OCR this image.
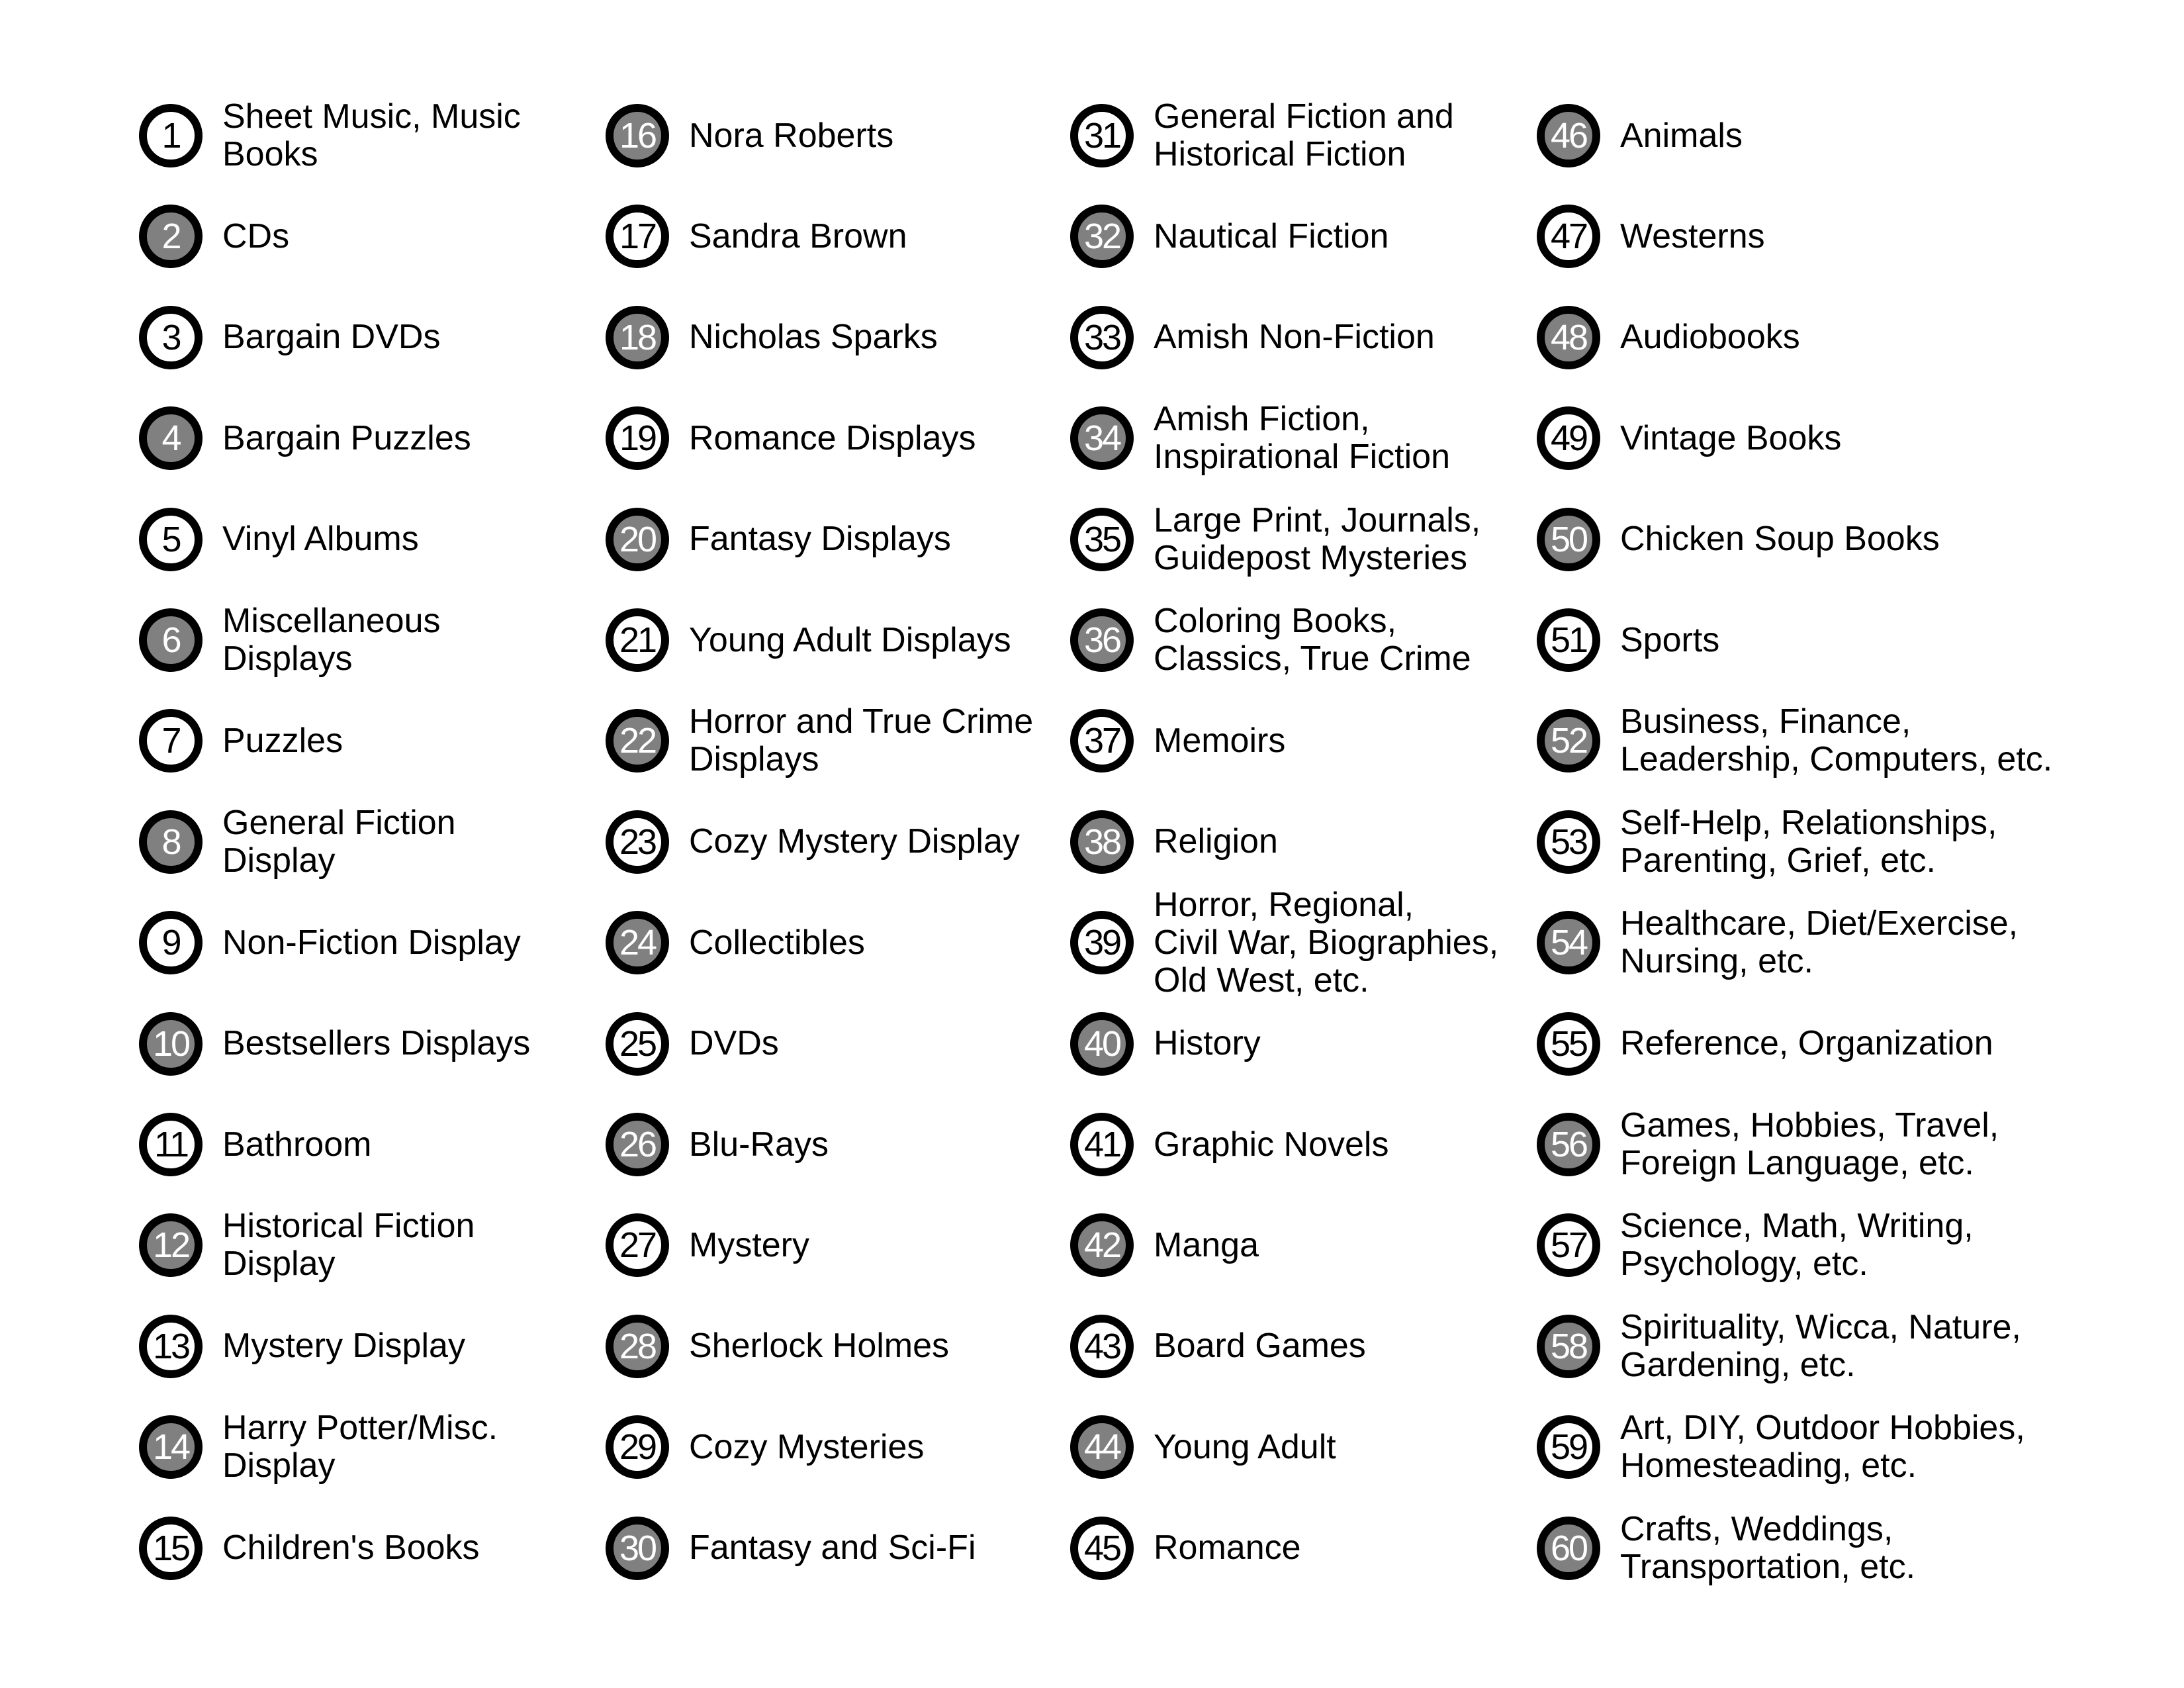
1	Sheet Music, Music
Books
2	CDs
3	Bargain DVDs
4	Bargain Puzzles
5	Vinyl Albums
6	Miscellaneous
Displays
7	Puzzles
8	General Fiction
Display
9	Non-Fiction Display
10 Bestsellers Displays
11	Bathroom
12 Historical Fiction
Display
13 Mystery Display
14 Harry Potter/Misc.
Display
15 Children's Books
16 Nora Roberts
17 Sandra Brown
18 Nicholas Sparks
19 Romance Displays
20 Fantasy Displays
21 Young Adult Displays
22 Horror and True Crime
Displays
23 Cozy Mystery Display
24 Collectibles
25 DVDs
26 Blu-Rays
27 Mystery
28 Sherlock Holmes
29 Cozy Mysteries
30 Fantasy and Sci-Fi
31 General Fiction and
Historical Fiction
32 Nautical Fiction
33 Amish Non-Fiction
34 Amish Fiction,
Inspirational Fiction
35 Large Print, Journals,
Guidepost Mysteries
36 Coloring Books,
Classics, True Crime
37 Memoirs
38 Religion
39
Horror, Regional,
Civil War, Biographies,
Old West, etc.
40 History
41 Graphic Novels
42 Manga
43 Board Games
44 Young Adult
45 Romance
46 Animals
47 Westerns
48 Audiobooks
49 Vintage Books
50 Chicken Soup Books
51 Sports
52 Business, Finance,
Leadership, Computers, etc.
53 Self-Help, Relationships,
Parenting, Grief, etc.
54 Healthcare, Diet/Exercise,
Nursing, etc.
55 Reference, Organization
56 Games, Hobbies, Travel,
Foreign Language, etc.
57 Science, Math, Writing,
Psychology, etc.
58 Spirituality, Wicca, Nature,
Gardening, etc.
59 Art, DIY, Outdoor Hobbies,
Homesteading, etc.
60 Crafts, Weddings,
Transportation, etc.
